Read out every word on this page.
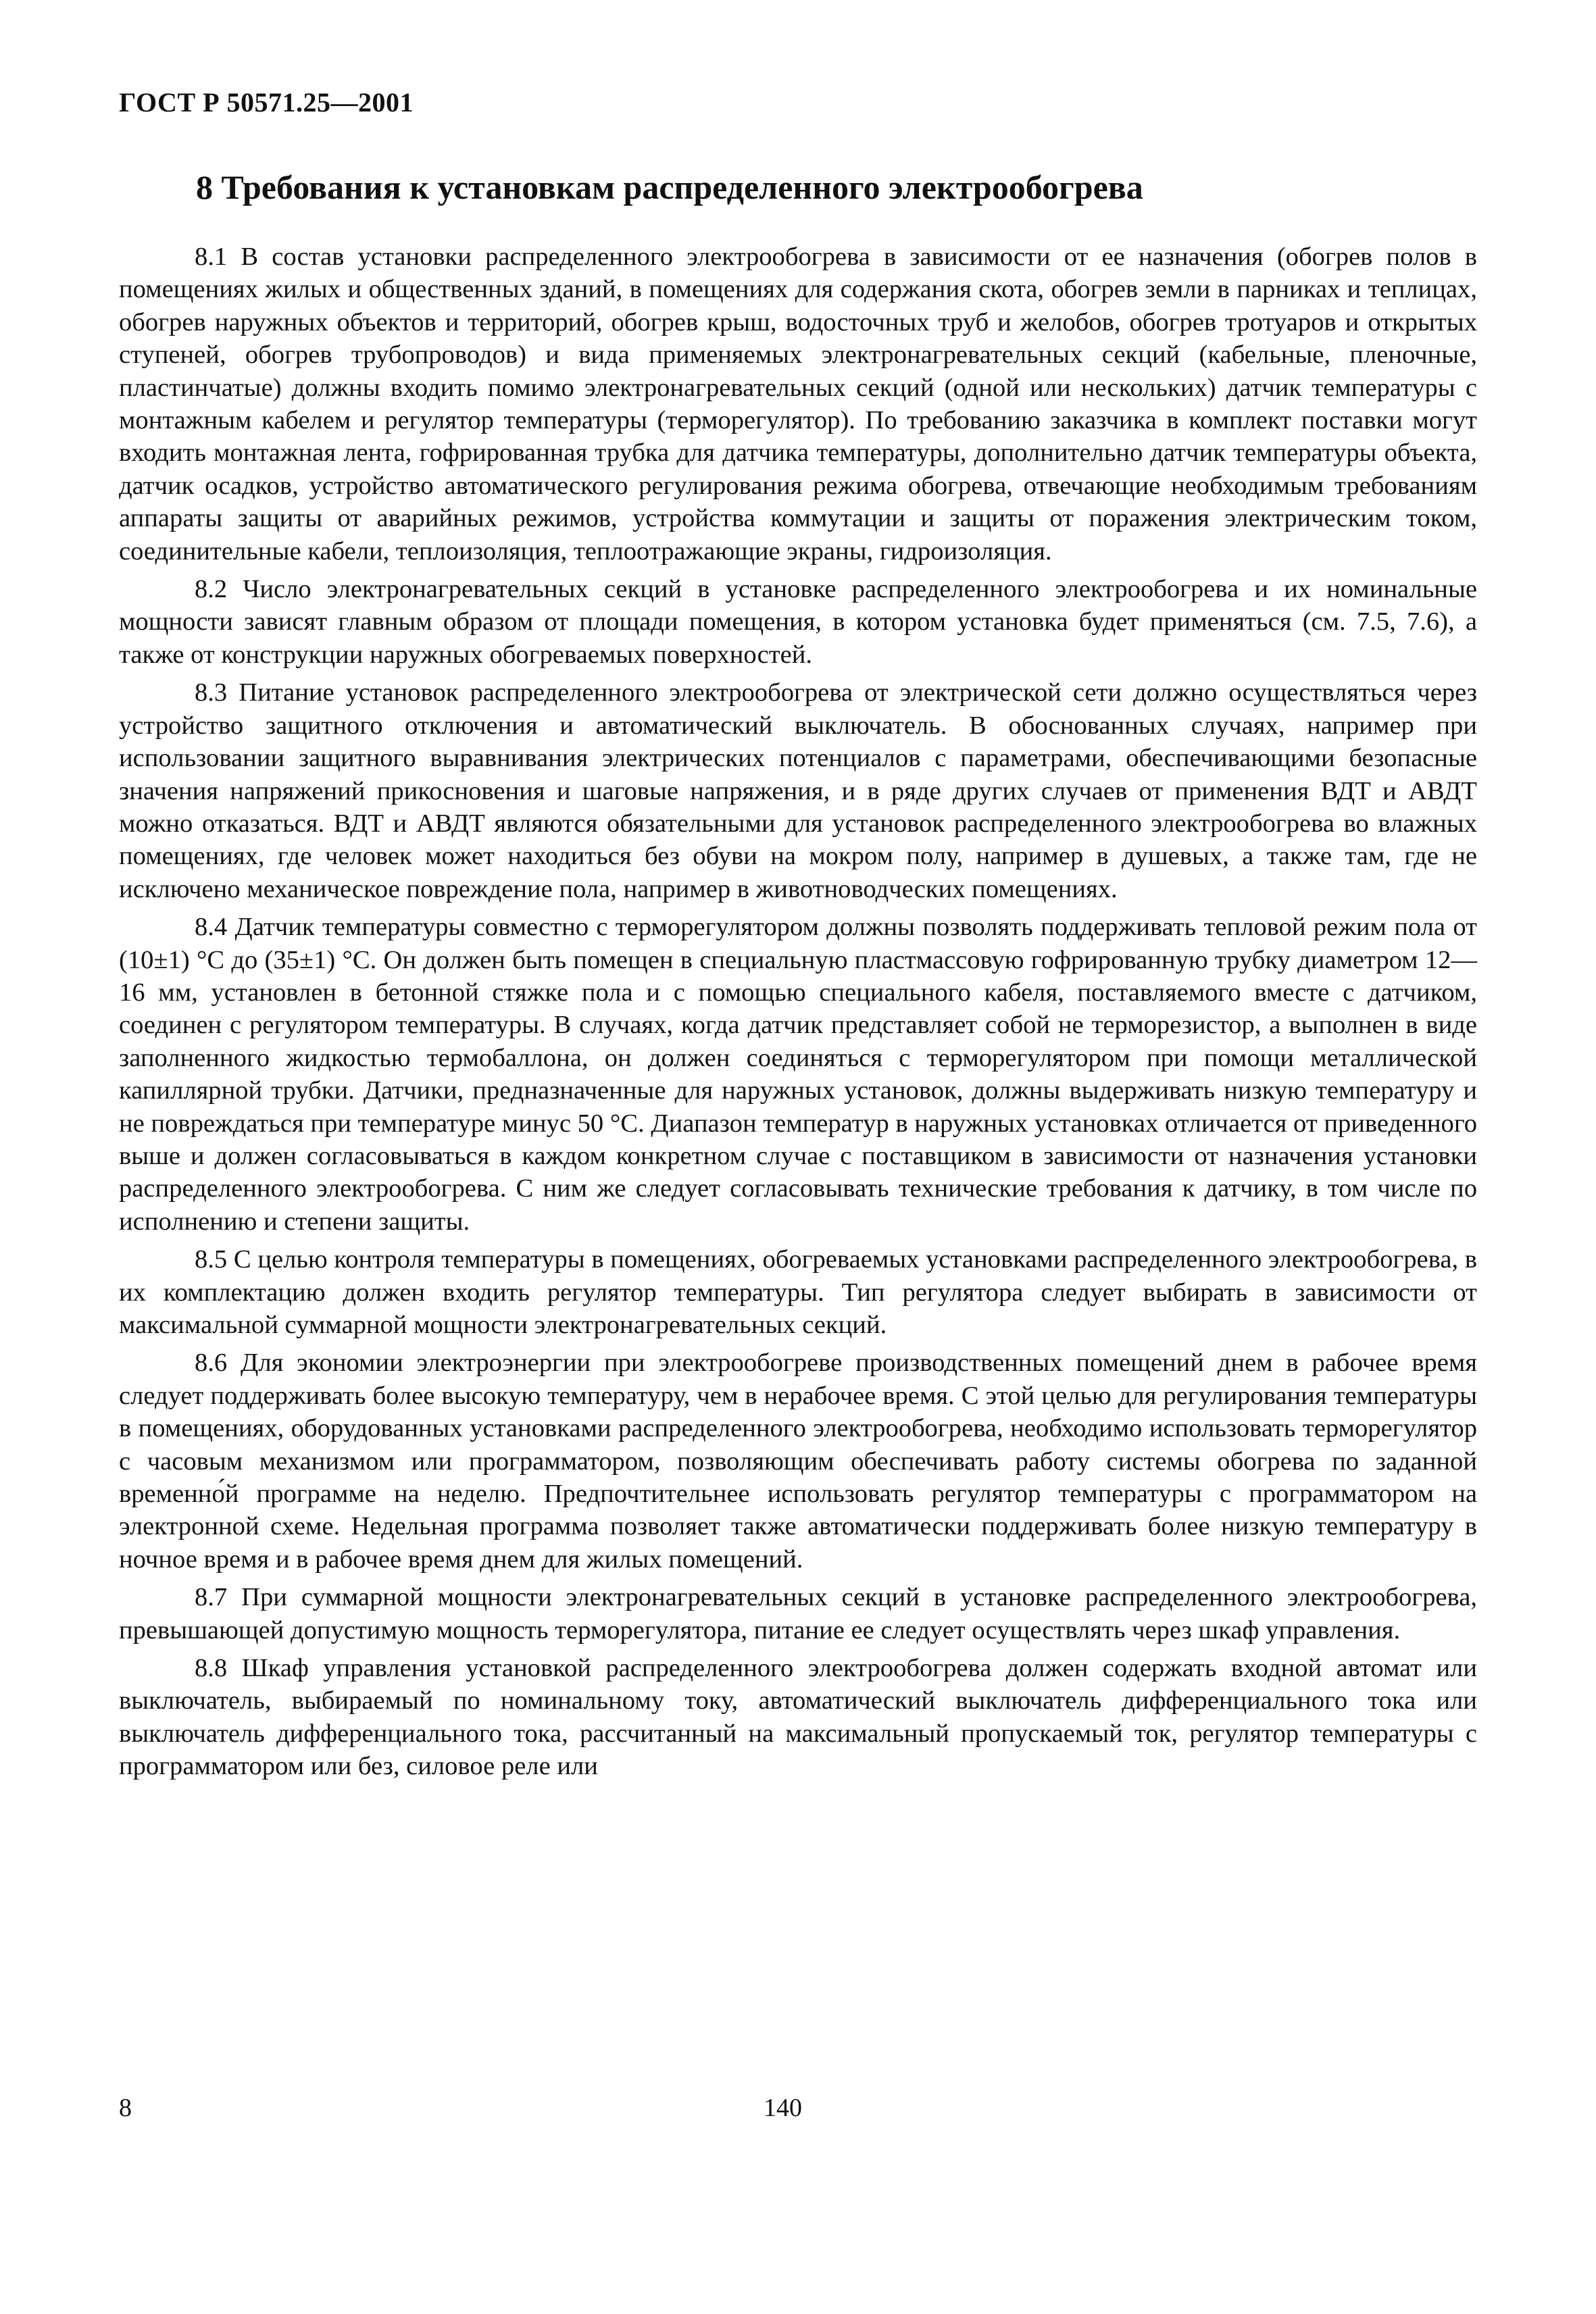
ГОСТ Р 50571.25—2001

8 Требования к установкам распределенного электрообогрева

8.1 В состав установки распределенного электрообогрева в зависимости от ее назначения (обогрев полов в помещениях жилых и общественных зданий, в помещениях для содержания скота, обогрев земли в парниках и теплицах, обогрев наружных объектов и территорий, обогрев крыш, водосточных труб и желобов, обогрев тротуаров и открытых ступеней, обогрев трубопроводов) и вида применяемых электронагревательных секций (кабельные, пленочные, пластинчатые) должны входить помимо электронагревательных секций (одной или нескольких) датчик температуры с монтажным кабелем и регулятор температуры (терморегулятор). По требованию заказчика в комплект поставки могут входить монтажная лента, гофрированная трубка для датчика температуры, дополнительно датчик температуры объекта, датчик осадков, устройство автоматического регулирования режима обогрева, отвечающие необходимым требованиям аппараты защиты от аварийных режимов, устройства коммутации и защиты от поражения электрическим током, соединительные кабели, теплоизоляция, теплоотражающие экраны, гидроизоляция.

8.2 Число электронагревательных секций в установке распределенного электрообогрева и их номинальные мощности зависят главным образом от площади помещения, в котором установка будет применяться (см. 7.5, 7.6), а также от конструкции наружных обогреваемых поверхностей.

8.3 Питание установок распределенного электрообогрева от электрической сети должно осуществляться через устройство защитного отключения и автоматический выключатель. В обоснованных случаях, например при использовании защитного выравнивания электрических потенциалов с параметрами, обеспечивающими безопасные значения напряжений прикосновения и шаговые напряжения, и в ряде других случаев от применения ВДТ и АВДТ можно отказаться. ВДТ и АВДТ являются обязательными для установок распределенного электрообогрева во влажных помещениях, где человек может находиться без обуви на мокром полу, например в душевых, а также там, где не исключено механическое повреждение пола, например в животноводческих помещениях.

8.4 Датчик температуры совместно с терморегулятором должны позволять поддерживать тепловой режим пола от (10±1) °С до (35±1) °С. Он должен быть помещен в специальную пластмассовую гофрированную трубку диаметром 12—16 мм, установлен в бетонной стяжке пола и с помощью специального кабеля, поставляемого вместе с датчиком, соединен с регулятором температуры. В случаях, когда датчик представляет собой не терморезистор, а выполнен в виде заполненного жидкостью термобаллона, он должен соединяться с терморегулятором при помощи металлической капиллярной трубки. Датчики, предназначенные для наружных установок, должны выдерживать низкую температуру и не повреждаться при температуре минус 50 °С. Диапазон температур в наружных установках отличается от приведенного выше и должен согласовываться в каждом конкретном случае с поставщиком в зависимости от назначения установки распределенного электрообогрева. С ним же следует согласовывать технические требования к датчику, в том числе по исполнению и степени защиты.

8.5 С целью контроля температуры в помещениях, обогреваемых установками распределенного электрообогрева, в их комплектацию должен входить регулятор температуры. Тип регулятора следует выбирать в зависимости от максимальной суммарной мощности электронагревательных секций.

8.6 Для экономии электроэнергии при электрообогреве производственных помещений днем в рабочее время следует поддерживать более высокую температуру, чем в нерабочее время. С этой целью для регулирования температуры в помещениях, оборудованных установками распределенного электрообогрева, необходимо использовать терморегулятор с часовым механизмом или программатором, позволяющим обеспечивать работу системы обогрева по заданной временно́й программе на неделю. Предпочтительнее использовать регулятор температуры с программатором на электронной схеме. Недельная программа позволяет также автоматически поддерживать более низкую температуру в ночное время и в рабочее время днем для жилых помещений.

8.7 При суммарной мощности электронагревательных секций в установке распределенного электрообогрева, превышающей допустимую мощность терморегулятора, питание ее следует осуществлять через шкаф управления.

8.8 Шкаф управления установкой распределенного электрообогрева должен содержать входной автомат или выключатель, выбираемый по номинальному току, автоматический выключатель дифференциального тока или выключатель дифференциального тока, рассчитанный на максимальный пропускаемый ток, регулятор температуры с программатором или без, силовое реле или

8	140
